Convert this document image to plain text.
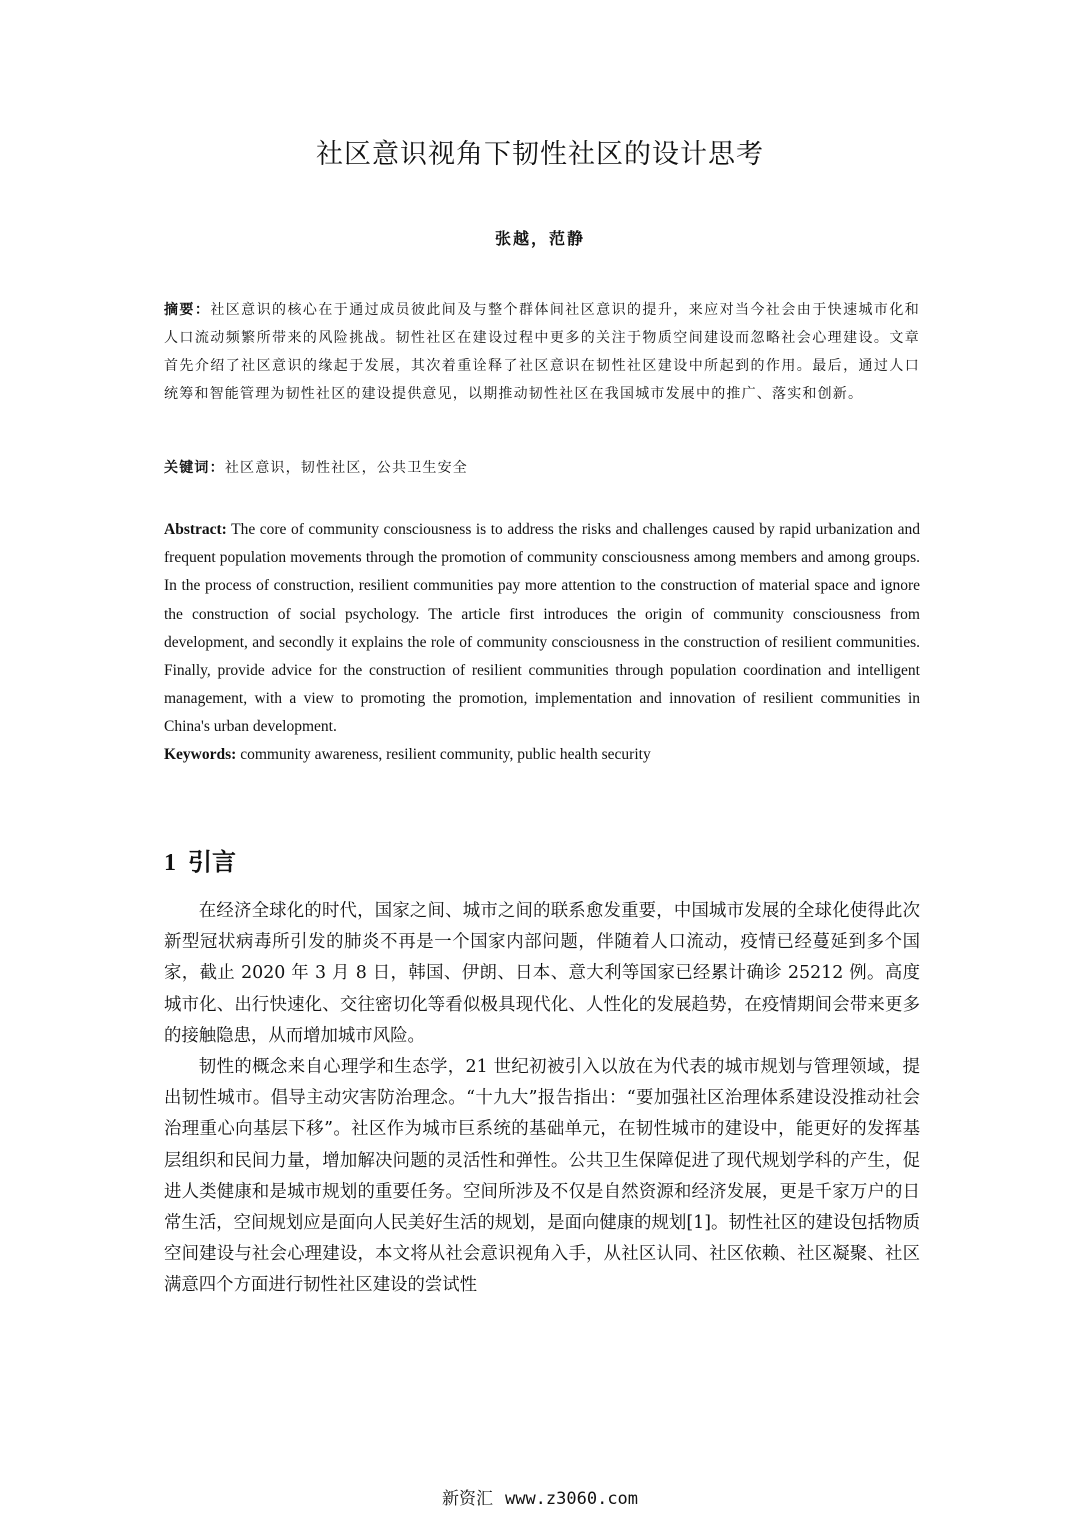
社区意识视角下韧性社区的设计思考
张越，范静
摘要：社区意识的核心在于通过成员彼此间及与整个群体间社区意识的提升，来应对当今社会由于快速城市化和人口流动频繁所带来的风险挑战。韧性社区在建设过程中更多的关注于物质空间建设而忽略社会心理建设。文章首先介绍了社区意识的缘起于发展，其次着重诠释了社区意识在韧性社区建设中所起到的作用。最后，通过人口统筹和智能管理为韧性社区的建设提供意见，以期推动韧性社区在我国城市发展中的推广、落实和创新。
关键词：社区意识，韧性社区，公共卫生安全
Abstract: The core of community consciousness is to address the risks and challenges caused by rapid urbanization and frequent population movements through the promotion of community consciousness among members and among groups. In the process of construction, resilient communities pay more attention to the construction of material space and ignore the construction of social psychology. The article first introduces the origin of community consciousness from development, and secondly it explains the role of community consciousness in the construction of resilient communities. Finally, provide advice for the construction of resilient communities through population coordination and intelligent management, with a view to promoting the promotion, implementation and innovation of resilient communities in China's urban development.
Keywords: community awareness, resilient community, public health security
1 引言

在经济全球化的时代，国家之间、城市之间的联系愈发重要，中国城市发展的全球化使得此次新型冠状病毒所引发的肺炎不再是一个国家内部问题，伴随着人口流动，疫情已经蔓延到多个国家，截止 2020 年 3 月 8 日，韩国、伊朗、日本、意大利等国家已经累计确诊 25212 例。高度城市化、出行快速化、交往密切化等看似极具现代化、人性化的发展趋势，在疫情期间会带来更多的接触隐患，从而增加城市风险。

韧性的概念来自心理学和生态学，21 世纪初被引入以放在为代表的城市规划与管理领域，提出韧性城市。倡导主动灾害防治理念。“十九大”报告指出：“要加强社区治理体系建设没推动社会治理重心向基层下移”。社区作为城市巨系统的基础单元，在韧性城市的建设中，能更好的发挥基层组织和民间力量，增加解决问题的灵活性和弹性。公共卫生保障促进了现代规划学科的产生，促进人类健康和是城市规划的重要任务。空间所涉及不仅是自然资源和经济发展，更是千家万户的日常生活，空间规划应是面向人民美好生活的规划，是面向健康的规划[1]。韧性社区的建设包括物质空间建设与社会心理建设，本文将从社会意识视角入手，从社区认同、社区依赖、社区凝聚、社区满意四个方面进行韧性社区建设的尝试性

新资汇 www.z3060.com
